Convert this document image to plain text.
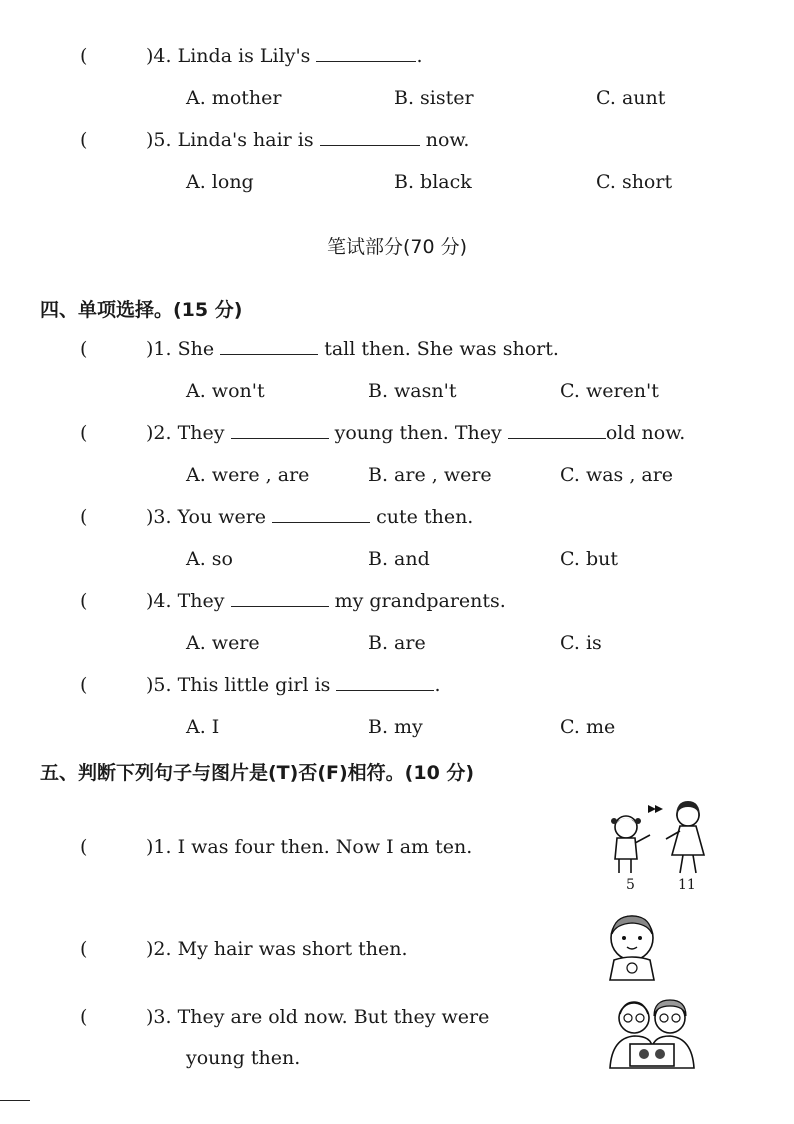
(	)4. Linda is Lily's	.
A. mother	B. sister	C. aunt
(	)5. Linda's hair is	now.
A. long	B. black	C. short
笔试部分(70 分)
四、单项选择。(15 分)
(	)1. She	tall then. She was short.
A. won't	B. wasn't	C. weren't
(	)2. They	young then. They	old now.
A. were , are	B. are , were	C. was , are
(	)3. You were	cute then.
A. so	B. and	C. but
(	)4. They	my grandparents.
A. were	B. are	C. is
(	)5. This little girl is	.
A. I	B. my	C. me
五、判断下列句子与图片是(T)否(F)相符。(10 分)
(	)1. I was four then. Now I am ten.
(	)2. My hair was short then.
(	)3. They are old now. But they were
young then.
5	11
